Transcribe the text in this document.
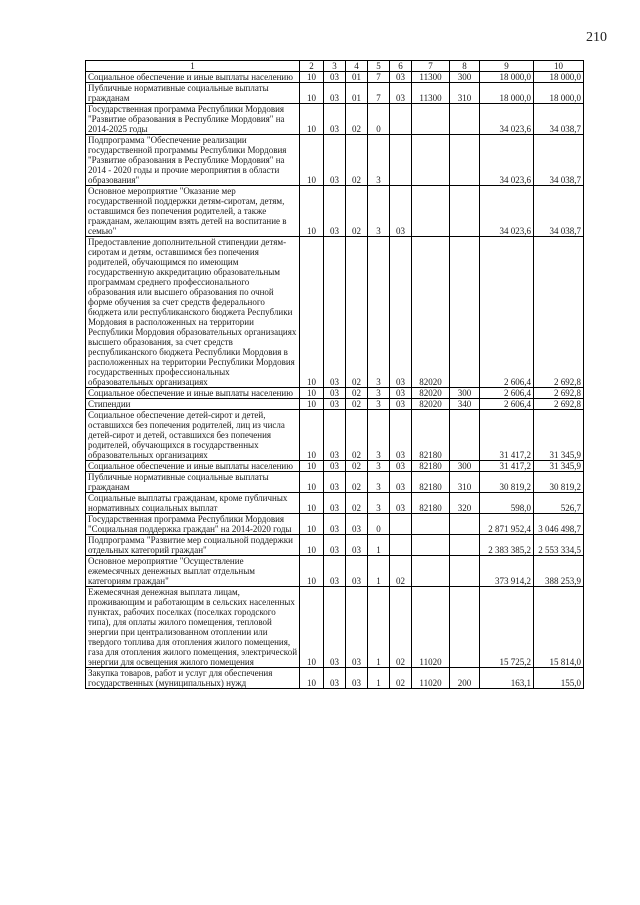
210
1	2	3	4	5	6	7	8	9	10
Социальное обеспечение и иные выплаты населению	10	03	01	7	03	11300	300	18 000,0	18 000,0
Публичные нормативные социальные выплаты гражданам	10	03	01	7	03	11300	310	18 000,0	18 000,0
Государственная программа Республики Мордовия "Развитие образования в Республике Мордовия" на 2014-2025 годы	10	03	02	0				34 023,6	34 038,7
Подпрограмма "Обеспечение реализации государственной программы Республики Мордовия "Развитие образования в Республике Мордовия" на 2014 - 2020 годы и прочие мероприятия в области образования"	10	03	02	3				34 023,6	34 038,7
Основное мероприятие "Оказание мер государственной поддержки детям-сиротам, детям, оставшимся без попечения родителей, а также гражданам, желающим взять детей на воспитание в семью"	10	03	02	3	03			34 023,6	34 038,7
Предоставление дополнительной стипендии детям-сиротам и детям, оставшимся без попечения родителей, обучающимся по имеющим государственную аккредитацию образовательным программам среднего профессионального образования или высшего образования по очной форме обучения за счет средств федерального бюджета или республиканского бюджета Республики Мордовия в расположенных на территории Республики Мордовия образовательных организациях высшего образования, за счет средств республиканского бюджета Республики Мордовия в расположенных на территории Республики Мордовия государственных профессиональных образовательных организациях	10	03	02	3	03	82020		2 606,4	2 692,8
Социальное обеспечение и иные выплаты населению	10	03	02	3	03	82020	300	2 606,4	2 692,8
Стипендии	10	03	02	3	03	82020	340	2 606,4	2 692,8
Социальное обеспечение детей-сирот и детей, оставшихся без попечения родителей, лиц из числа детей-сирот и детей, оставшихся без попечения родителей, обучающихся в государственных образовательных организациях	10	03	02	3	03	82180		31 417,2	31 345,9
Социальное обеспечение и иные выплаты населению	10	03	02	3	03	82180	300	31 417,2	31 345,9
Публичные нормативные социальные выплаты гражданам	10	03	02	3	03	82180	310	30 819,2	30 819,2
Социальные выплаты гражданам, кроме публичных нормативных социальных выплат	10	03	02	3	03	82180	320	598,0	526,7
Государственная программа Республики Мордовия "Социальная поддержка граждан" на 2014-2020 годы	10	03	03	0				2 871 952,4	3 046 498,7
Подпрограмма "Развитие мер социальной поддержки отдельных категорий граждан"	10	03	03	1				2 383 385,2	2 553 334,5
Основное мероприятие "Осуществление ежемесячных денежных выплат отдельным категориям граждан"	10	03	03	1	02			373 914,2	388 253,9
Ежемесячная денежная выплата лицам, проживающим и работающим в сельских населенных пунктах, рабочих поселках (поселках городского типа), для оплаты жилого помещения, тепловой энергии при централизованном отоплении или твердого топлива для отопления жилого помещения, газа для отопления жилого помещения, электрической энергии для освещения жилого помещения	10	03	03	1	02	11020		15 725,2	15 814,0
Закупка товаров, работ и услуг для обеспечения государственных (муниципальных) нужд	10	03	03	1	02	11020	200	163,1	155,0
